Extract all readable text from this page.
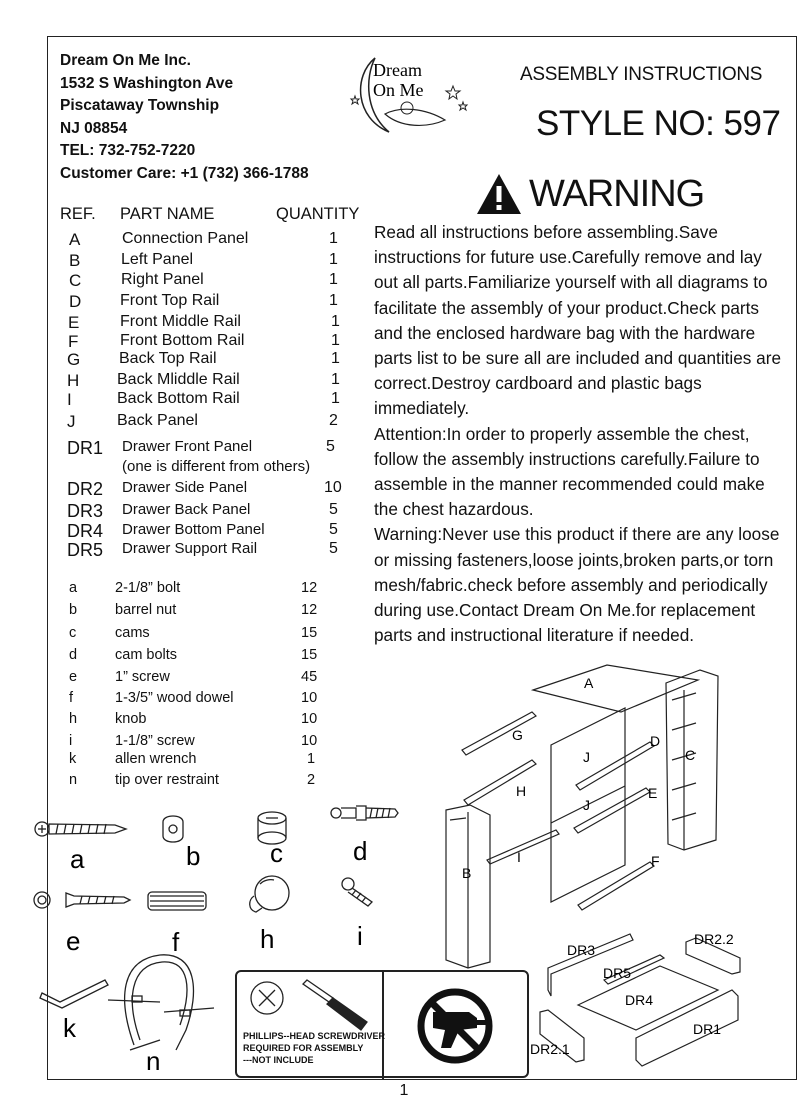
Dream On Me Inc.
1532 S Washington Ave
Piscataway Township
NJ 08854
TEL: 732-752-7220
Customer Care: +1 (732) 366-1788
Dream
On Me
ASSEMBLY INSTRUCTIONS
STYLE NO: 597
WARNING

Read all instructions before assembling.Save instructions for future use.Carefully remove and lay out all parts.Familiarize yourself with all diagrams to facilitate the assembly of your product.Check parts and the enclosed hardware bag with the hardware parts list to be sure all are included and quantities are correct.Destroy cardboard and plastic bags immediately.

Attention:In order to properly assemble the chest, follow the assembly instructions carefully.Failure to assemble in the manner recommended could make the chest hazardous.

Warning:Never use this product if there are any loose or missing fasteners,loose joints,broken parts,or torn mesh/fabric.check before assembly and periodically during use.Contact Dream On Me.for replacement parts and instructional literature if needed.

REF. PART NAME	QUANTITY
A	Connection Panel	1
B	Left Panel	1
C Right Panel	1
D Front Top Rail	1
E	Front Middle Rail	1
F	Front Bottom Rail	1
G Back Top Rail	1
H Back Mliddle Rail	1
I	Back Bottom Rail	1
J	Back Panel	2
DR1 Drawer Front Panel	5
(one is different from others)
DR2 Drawer Side Panel	10
DR3 Drawer Back Panel	5
DR4 Drawer Bottom Panel	5
DR5 Drawer Support Rail	5
a	2-1/8” bolt	12
b	barrel nut	12
c	cams	15
d	cam bolts	15
e	1” screw	45
f	1-3/5” wood dowel	10
h	knob	10
i	1-1/8” screw	10
k	allen wrench	1
n	tip over restraint	2
a	b	c	d
e	f	h	i
k
n
PHILLIPS--HEAD SCREWDRIVER
REQUIRED FOR ASSEMBLY
---NOT INCLUDE
A
G
J
D
C
H	E
J
I
B
F
DR3
DR2.2
DR5
DR4
DR1
DR2.1
1
